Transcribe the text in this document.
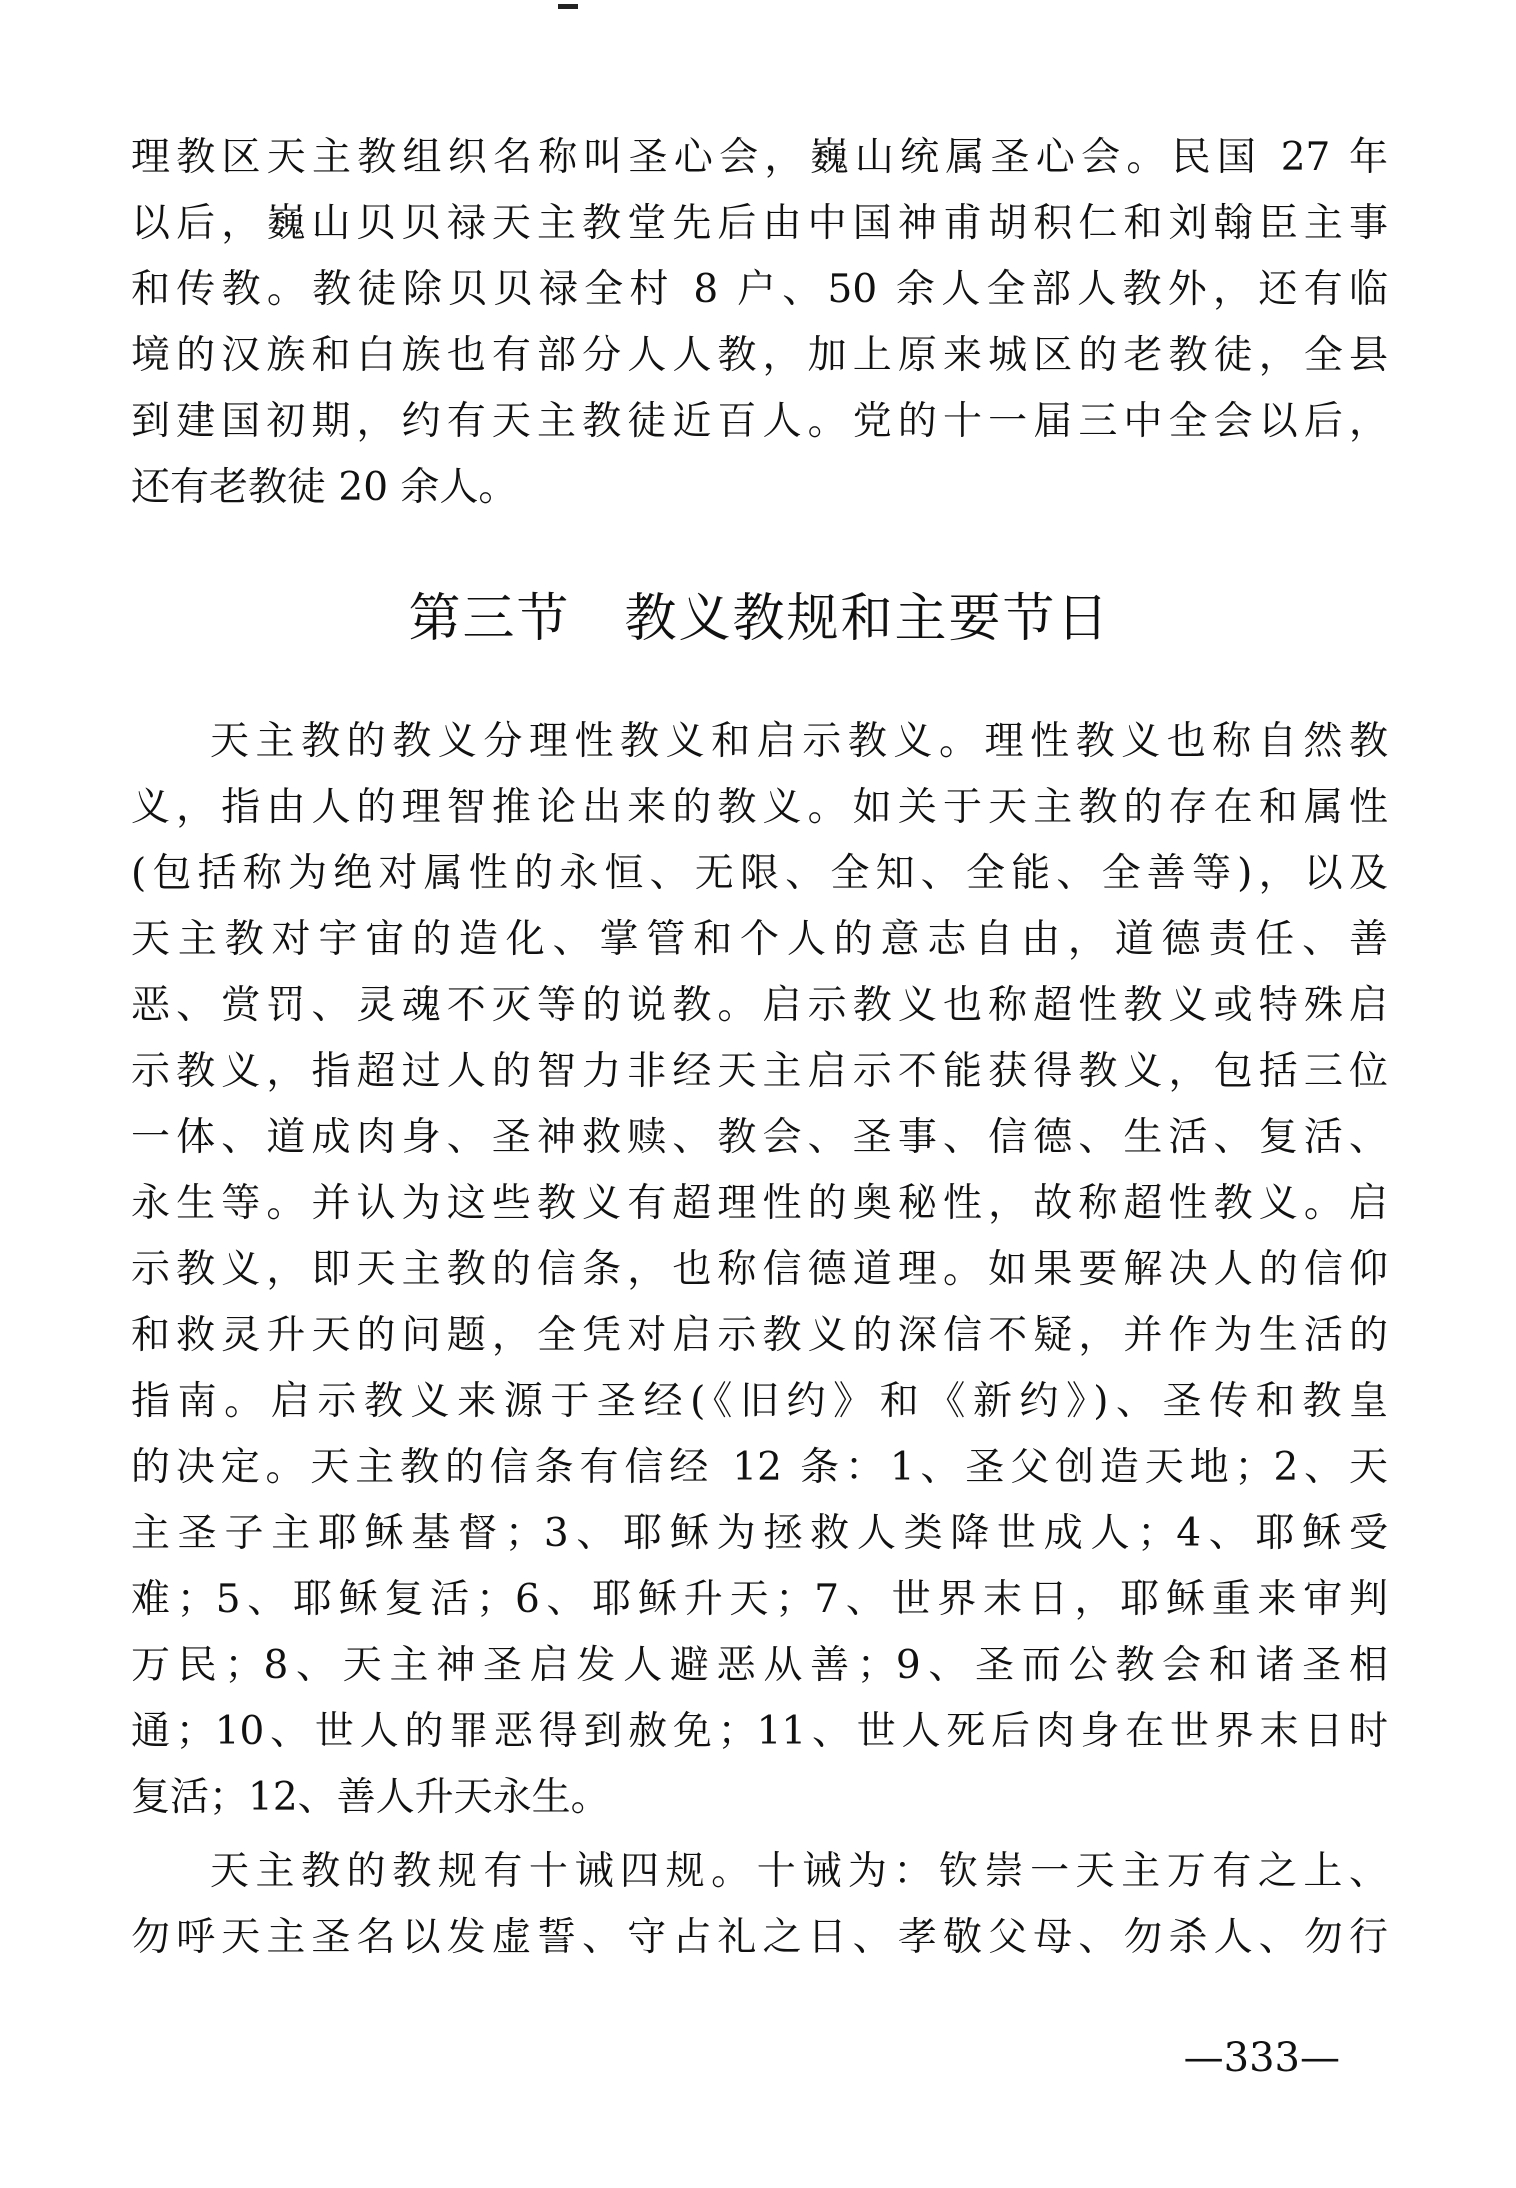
理教区天主教组织名称叫圣心会，巍山统属圣心会。民国 27 年
以后，巍山贝贝禄天主教堂先后由中国神甫胡积仁和刘翰臣主事
和传教。教徒除贝贝禄全村 8 户、50 余人全部人教外，还有临
境的汉族和白族也有部分人人教，加上原来城区的老教徒，全县
到建国初期，约有天主教徒近百人。党的十一届三中全会以后，
还有老教徒 20 余人。
第三节　教义教规和主要节日
天主教的教义分理性教义和启示教义。理性教义也称自然教
义，指由人的理智推论出来的教义。如关于天主教的存在和属性
(包括称为绝对属性的永恒、无限、全知、全能、全善等)，以及
天主教对宇宙的造化、掌管和个人的意志自由，道德责任、善
恶、赏罚、灵魂不灭等的说教。启示教义也称超性教义或特殊启
示教义，指超过人的智力非经天主启示不能获得教义，包括三位
一体、道成肉身、圣神救赎、教会、圣事、信德、生活、复活、
永生等。并认为这些教义有超理性的奥秘性，故称超性教义。启
示教义，即天主教的信条，也称信德道理。如果要解决人的信仰
和救灵升天的问题，全凭对启示教义的深信不疑，并作为生活的
指南。启示教义来源于圣经(《旧约》和《新约》)、圣传和教皇
的决定。天主教的信条有信经 12 条：1、圣父创造天地；2、天
主圣子主耶稣基督；3、耶稣为拯救人类降世成人；4、耶稣受
难；5、耶稣复活；6、耶稣升天；7、世界末日，耶稣重来审判
万民；8、天主神圣启发人避恶从善；9、圣而公教会和诸圣相
通；10、世人的罪恶得到赦免；11、世人死后肉身在世界末日时
复活；12、善人升天永生。
天主教的教规有十诫四规。十诫为：钦崇一天主万有之上、
勿呼天主圣名以发虚誓、守占礼之日、孝敬父母、勿杀人、勿行
—333—
